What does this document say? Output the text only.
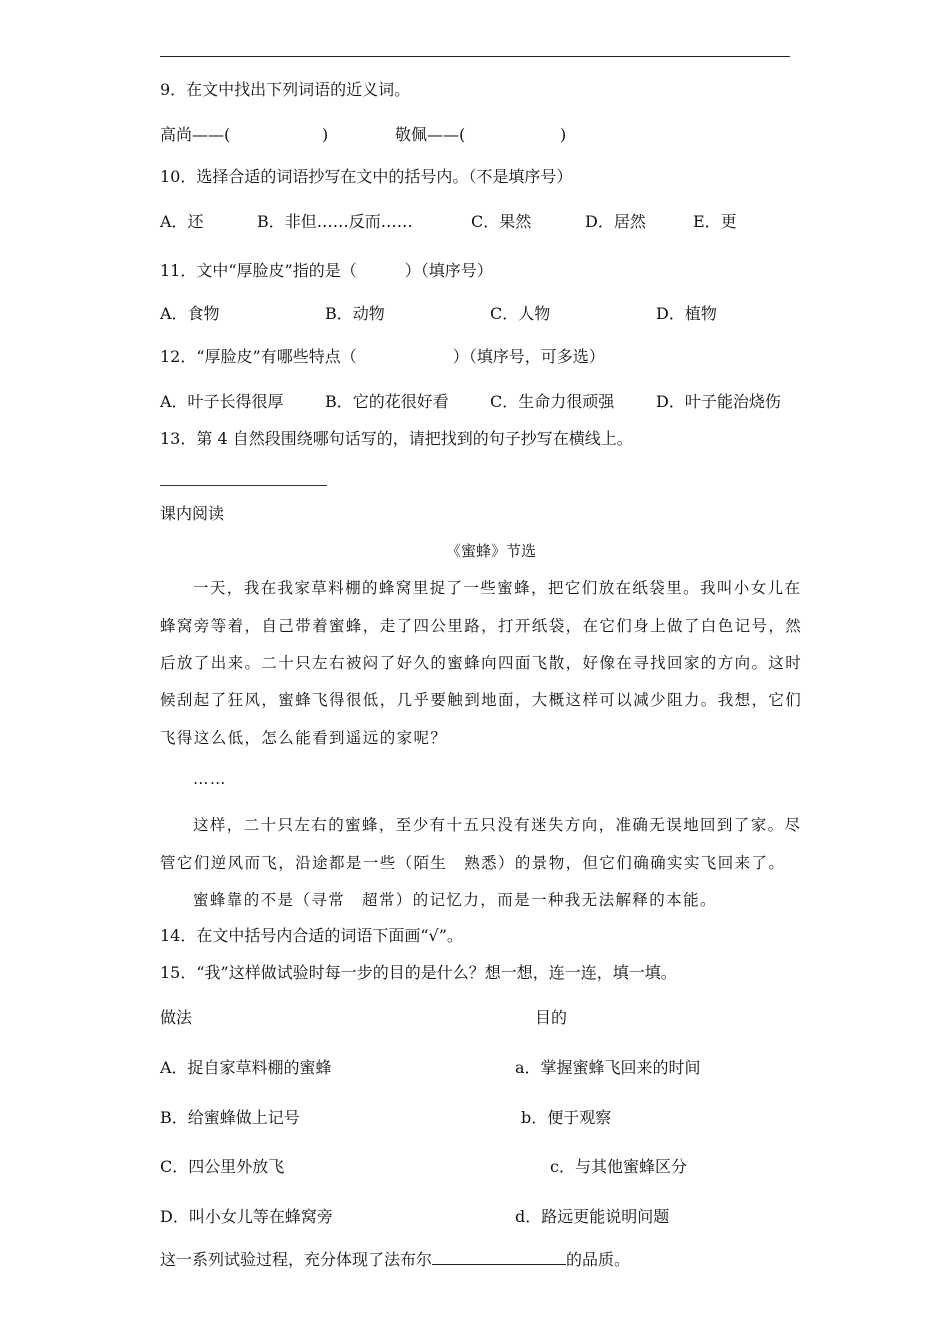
9．在文中找出下列词语的近义词。
高尚——(	)	敬佩——(	)
10．选择合适的词语抄写在文中的括号内。（不是填序号）
A．还	B．非但……反而……	C．果然	D．居然	E．更
11．文中“厚脸皮”指的是（　　　）（填序号）
A．食物	B．动物	C．人物	D．植物
12．“厚脸皮”有哪些特点（　　　　　　）（填序号，可多选）
A．叶子长得很厚	B．它的花很好看	C．生命力很顽强	D．叶子能治烧伤
13．第 4 自然段围绕哪句话写的，请把找到的句子抄写在横线上。
课内阅读
《蜜蜂》节选
一天，我在我家草料棚的蜂窝里捉了一些蜜蜂，把它们放在纸袋里。我叫小女儿在
蜂窝旁等着，自己带着蜜蜂，走了四公里路，打开纸袋，在它们身上做了白色记号，然
后放了出来。二十只左右被闷了好久的蜜蜂向四面飞散，好像在寻找回家的方向。这时
候刮起了狂风，蜜蜂飞得很低，几乎要触到地面，大概这样可以减少阻力。我想，它们
飞得这么低，怎么能看到遥远的家呢？
……
这样，二十只左右的蜜蜂，至少有十五只没有迷失方向，准确无误地回到了家。尽
管它们逆风而飞，沿途都是一些（陌生　熟悉）的景物，但它们确确实实飞回来了。
蜜蜂靠的不是（寻常　超常）的记忆力，而是一种我无法解释的本能。
14．在文中括号内合适的词语下面画“√”。
15．“我”这样做试验时每一步的目的是什么？想一想，连一连，填一填。
做法	目的
A．捉自家草料棚的蜜蜂	a．掌握蜜蜂飞回来的时间
B．给蜜蜂做上记号	b．便于观察
C．四公里外放飞	c．与其他蜜蜂区分
D．叫小女儿等在蜂窝旁	d．路远更能说明问题
这一系列试验过程，充分体现了法布尔	的品质。
